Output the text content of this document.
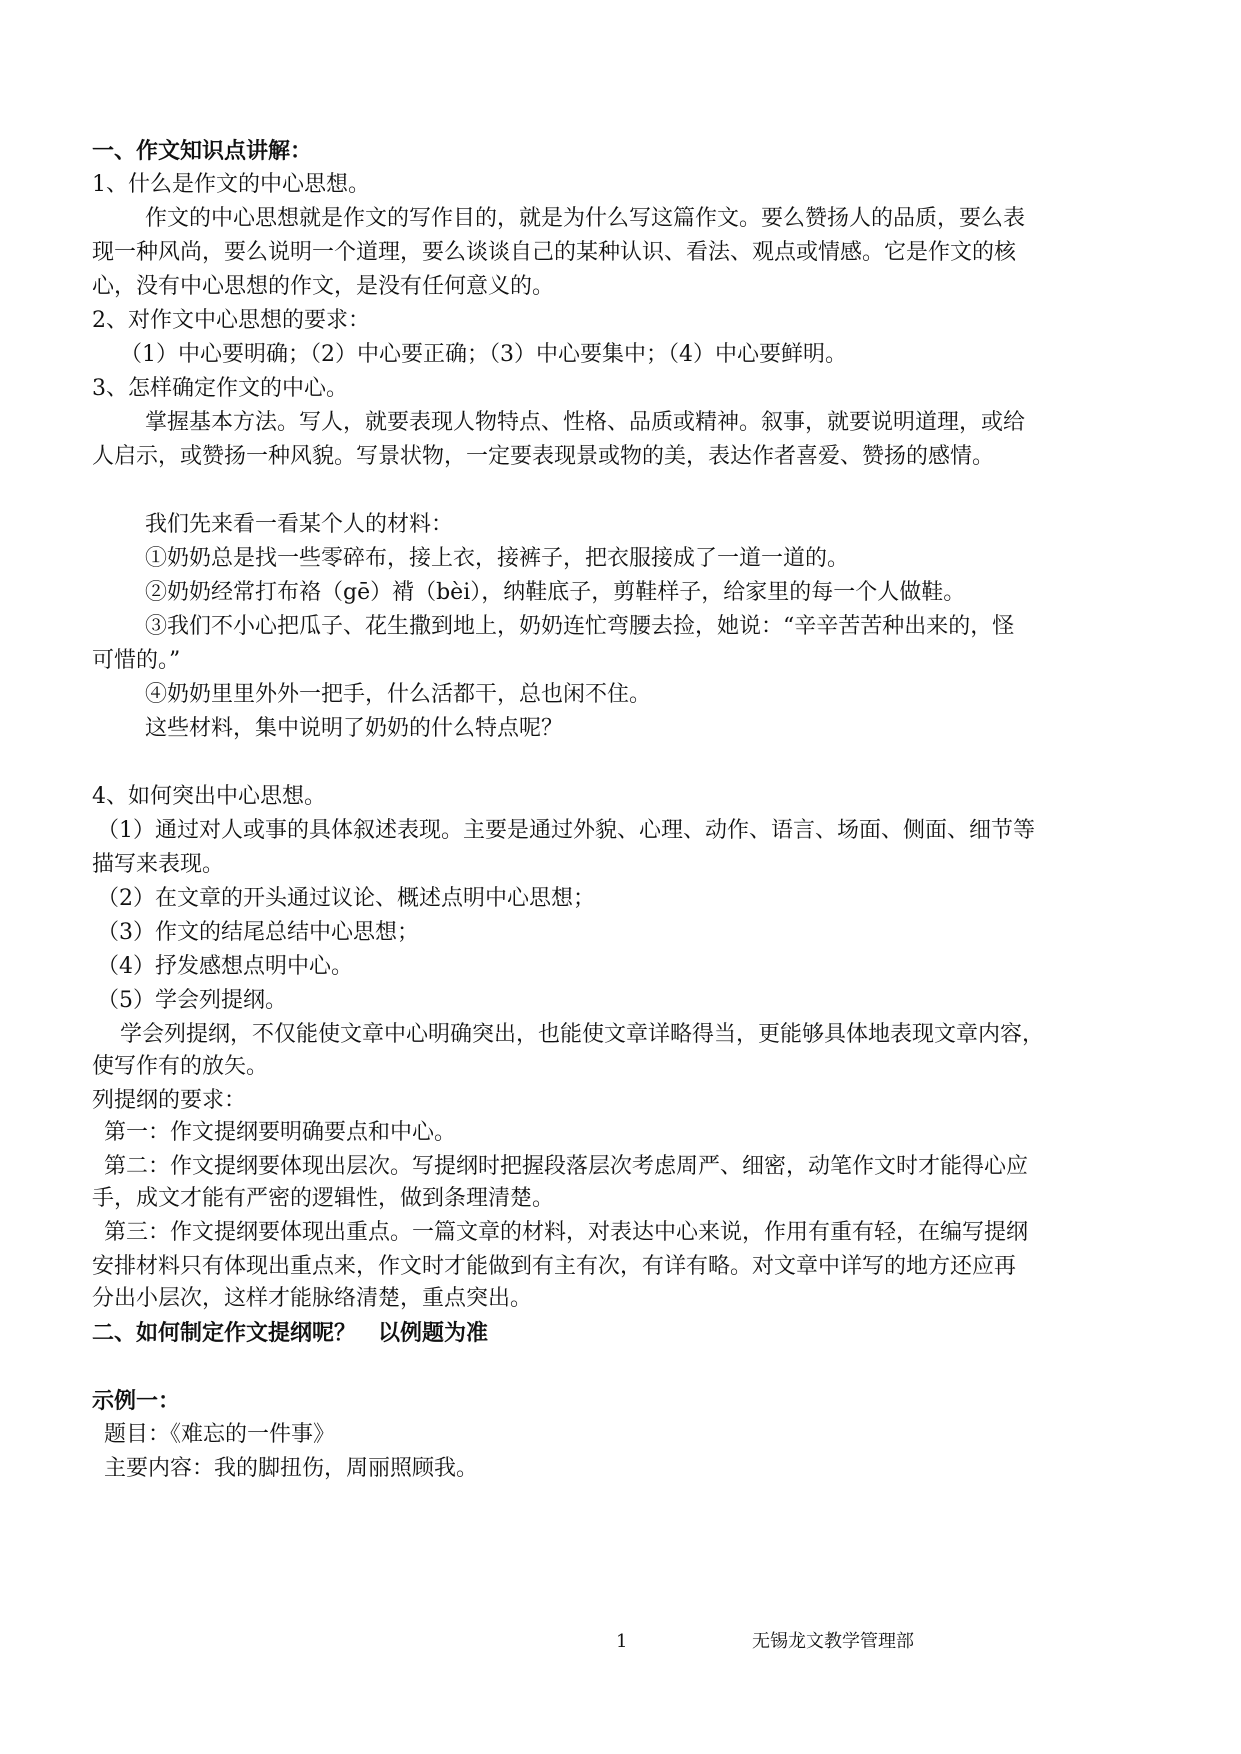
一、作文知识点讲解：
1、什么是作文的中心思想。
作文的中心思想就是作文的写作目的，就是为什么写这篇作文。要么赞扬人的品质，要么表
现一种风尚，要么说明一个道理，要么谈谈自己的某种认识、看法、观点或情感。它是作文的核
心，没有中心思想的作文，是没有任何意义的。
2、对作文中心思想的要求：
（1）中心要明确；（2）中心要正确；（3）中心要集中；（4）中心要鲜明。
3、怎样确定作文的中心。
掌握基本方法。写人，就要表现人物特点、性格、品质或精神。叙事，就要说明道理，或给
人启示，或赞扬一种风貌。写景状物，一定要表现景或物的美，表达作者喜爱、赞扬的感情。
我们先来看一看某个人的材料：
①奶奶总是找一些零碎布，接上衣，接裤子，把衣服接成了一道一道的。
②奶奶经常打布袼（gē）褙（bèi），纳鞋底子，剪鞋样子，给家里的每一个人做鞋。
③我们不小心把瓜子、花生撒到地上，奶奶连忙弯腰去捡，她说：“辛辛苦苦种出来的，怪
可惜的。”
④奶奶里里外外一把手，什么活都干，总也闲不住。
这些材料，集中说明了奶奶的什么特点呢？
4、如何突出中心思想。
（1）通过对人或事的具体叙述表现。主要是通过外貌、心理、动作、语言、场面、侧面、细节等
描写来表现。
（2）在文章的开头通过议论、概述点明中心思想；
（3）作文的结尾总结中心思想；
（4）抒发感想点明中心。
（5）学会列提纲。
学会列提纲，不仅能使文章中心明确突出，也能使文章详略得当，更能够具体地表现文章内容，
使写作有的放矢。
列提纲的要求：
第一：作文提纲要明确要点和中心。
第二：作文提纲要体现出层次。写提纲时把握段落层次考虑周严、细密，动笔作文时才能得心应
手，成文才能有严密的逻辑性，做到条理清楚。
第三：作文提纲要体现出重点。一篇文章的材料，对表达中心来说，作用有重有轻，在编写提纲
安排材料只有体现出重点来，作文时才能做到有主有次，有详有略。对文章中详写的地方还应再
分出小层次，这样才能脉络清楚，重点突出。
二、如何制定作文提纲呢？　以例题为准
示例一：
题目：《难忘的一件事》
主要内容：我的脚扭伤，周丽照顾我。
1	无锡龙文教学管理部
